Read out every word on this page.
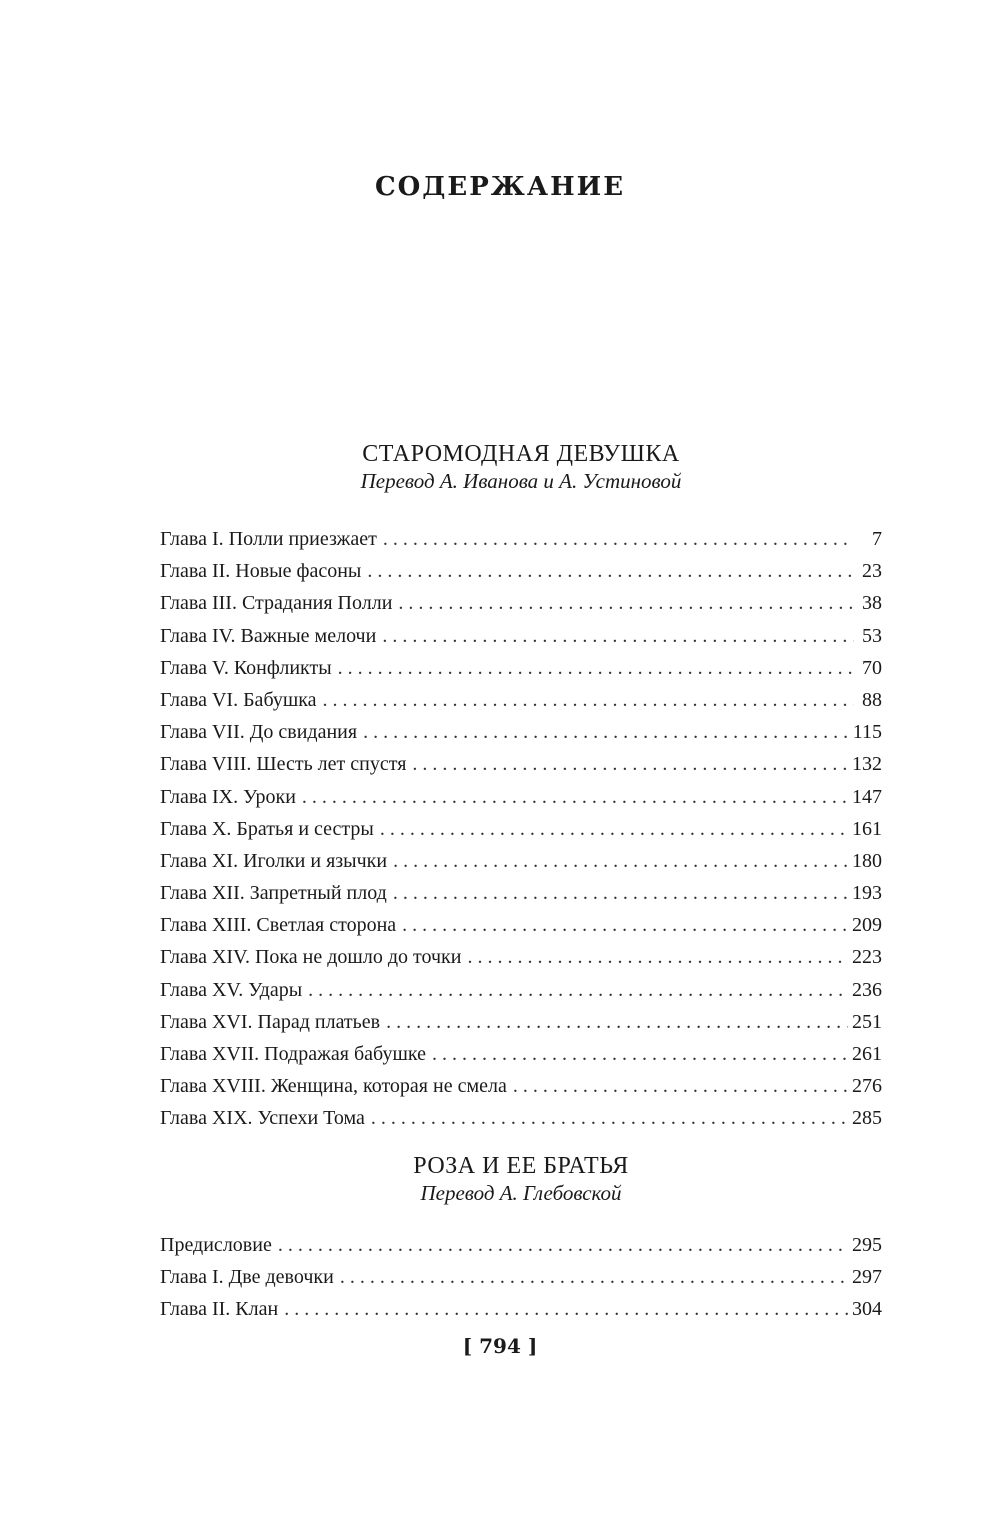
СОДЕРЖАНИЕ
СТАРОМОДНАЯ ДЕВУШКА
Перевод А. Иванова и А. Устиновой
Глава I. Полли приезжает . . .	7
Глава II. Новые фасоны . . .	23
Глава III. Страдания Полли . . .	38
Глава IV. Важные мелочи . . .	53
Глава V. Конфликты . . .	70
Глава VI. Бабушка . . .	88
Глава VII. До свидания . . .	115
Глава VIII. Шесть лет спустя . . .	132
Глава IX. Уроки . . .	147
Глава X. Братья и сестры . . .	161
Глава XI. Иголки и язычки . . .	180
Глава XII. Запретный плод . . .	193
Глава XIII. Светлая сторона . . .	209
Глава XIV. Пока не дошло до точки . . .	223
Глава XV. Удары . . .	236
Глава XVI. Парад платьев . . .	251
Глава XVII. Подражая бабушке . . .	261
Глава XVIII. Женщина, которая не смела . . .	276
Глава XIX. Успехи Тома . . .	285
РОЗА И ЕЕ БРАТЬЯ
Перевод А. Глебовской
Предисловие . . .	295
Глава I. Две девочки . . .	297
Глава II. Клан . . .	304
[ 794 ]
